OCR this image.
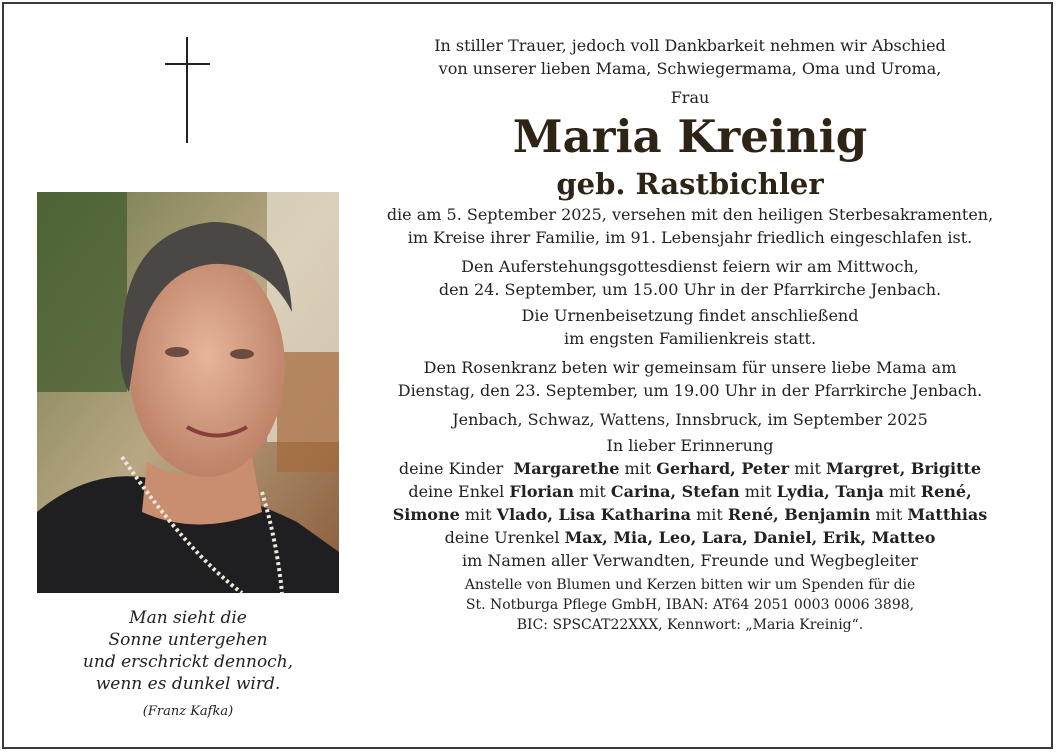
Man sieht die
Sonne untergehen
und erschrickt dennoch,
wenn es dunkel wird.
(Franz Kafka)
In stiller Trauer, jedoch voll Dankbarkeit nehmen wir Abschied
von unserer lieben Mama, Schwiegermama, Oma und Uroma,
Frau
Maria Kreinig
geb. Rastbichler
die am 5. September 2025, versehen mit den heiligen Sterbesakramenten,
im Kreise ihrer Familie, im 91. Lebensjahr friedlich eingeschlafen ist.
Den Auferstehungsgottesdienst feiern wir am Mittwoch,
den 24. September, um 15.00 Uhr in der Pfarrkirche Jenbach.
Die Urnenbeisetzung findet anschließend
im engsten Familienkreis statt.
Den Rosenkranz beten wir gemeinsam für unsere liebe Mama am
Dienstag, den 23. September, um 19.00 Uhr in der Pfarrkirche Jenbach.
Jenbach, Schwaz, Wattens, Innsbruck, im September 2025
In lieber Erinnerung
deine Kinder Margarethe mit Gerhard, Peter mit Margret, Brigitte
deine Enkel Florian mit Carina, Stefan mit Lydia, Tanja mit René,
Simone mit Vlado, Lisa Katharina mit René, Benjamin mit Matthias
deine Urenkel Max, Mia, Leo, Lara, Daniel, Erik, Matteo
im Namen aller Verwandten, Freunde und Wegbegleiter
Anstelle von Blumen und Kerzen bitten wir um Spenden für die
St. Notburga Pflege GmbH, IBAN: AT64 2051 0003 0006 3898,
BIC: SPSCAT22XXX, Kennwort: „Maria Kreinig“.
